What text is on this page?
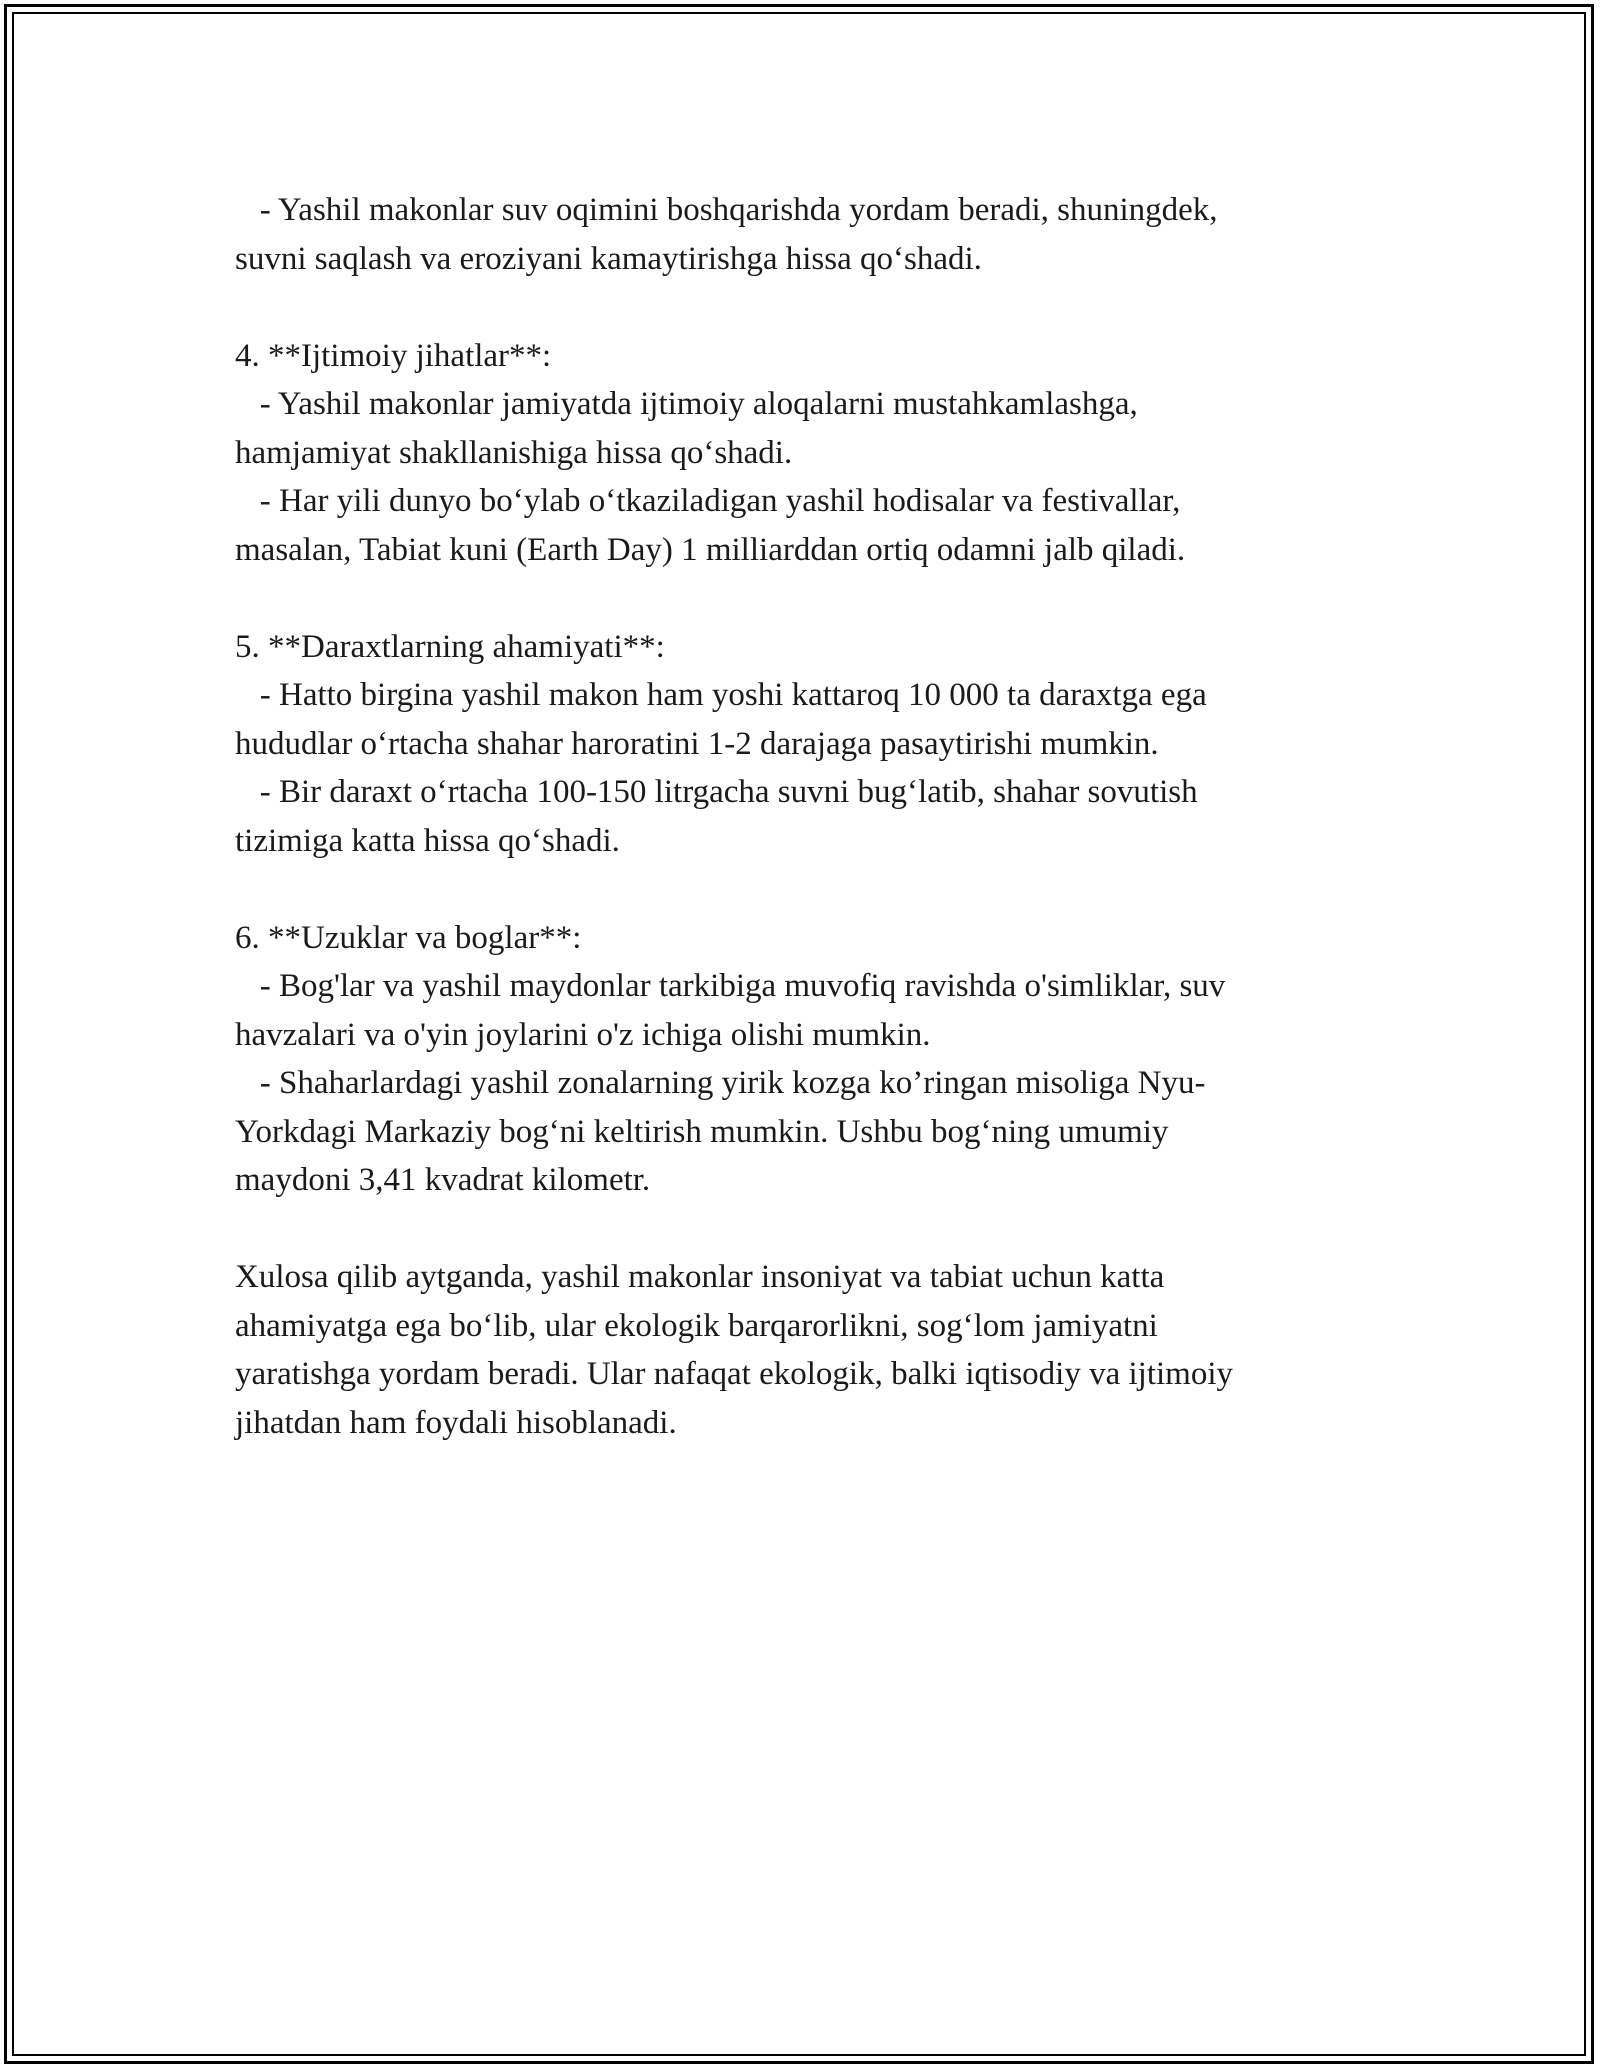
- Yashil makonlar suv oqimini boshqarishda yordam beradi, shuningdek,
suvni saqlash va eroziyani kamaytirishga hissa qo‘shadi.
4. **Ijtimoiy jihatlar**:
- Yashil makonlar jamiyatda ijtimoiy aloqalarni mustahkamlashga,
hamjamiyat shakllanishiga hissa qo‘shadi.
- Har yili dunyo bo‘ylab o‘tkaziladigan yashil hodisalar va festivallar,
masalan, Tabiat kuni (Earth Day) 1 milliarddan ortiq odamni jalb qiladi.
5. **Daraxtlarning ahamiyati**:
- Hatto birgina yashil makon ham yoshi kattaroq 10 000 ta daraxtga ega
hududlar o‘rtacha shahar haroratini 1-2 darajaga pasaytirishi mumkin.
- Bir daraxt o‘rtacha 100-150 litrgacha suvni bug‘latib, shahar sovutish
tizimiga katta hissa qo‘shadi.
6. **Uzuklar va boglar**:
- Bog'lar va yashil maydonlar tarkibiga muvofiq ravishda o'simliklar, suv
havzalari va o'yin joylarini o'z ichiga olishi mumkin.
- Shaharlardagi yashil zonalarning yirik kozga ko’ringan misoliga Nyu-
Yorkdagi Markaziy bog‘ni keltirish mumkin. Ushbu bog‘ning umumiy
maydoni 3,41 kvadrat kilometr.
Xulosa qilib aytganda, yashil makonlar insoniyat va tabiat uchun katta
ahamiyatga ega bo‘lib, ular ekologik barqarorlikni, sog‘lom jamiyatni
yaratishga yordam beradi. Ular nafaqat ekologik, balki iqtisodiy va ijtimoiy
jihatdan ham foydali hisoblanadi.
